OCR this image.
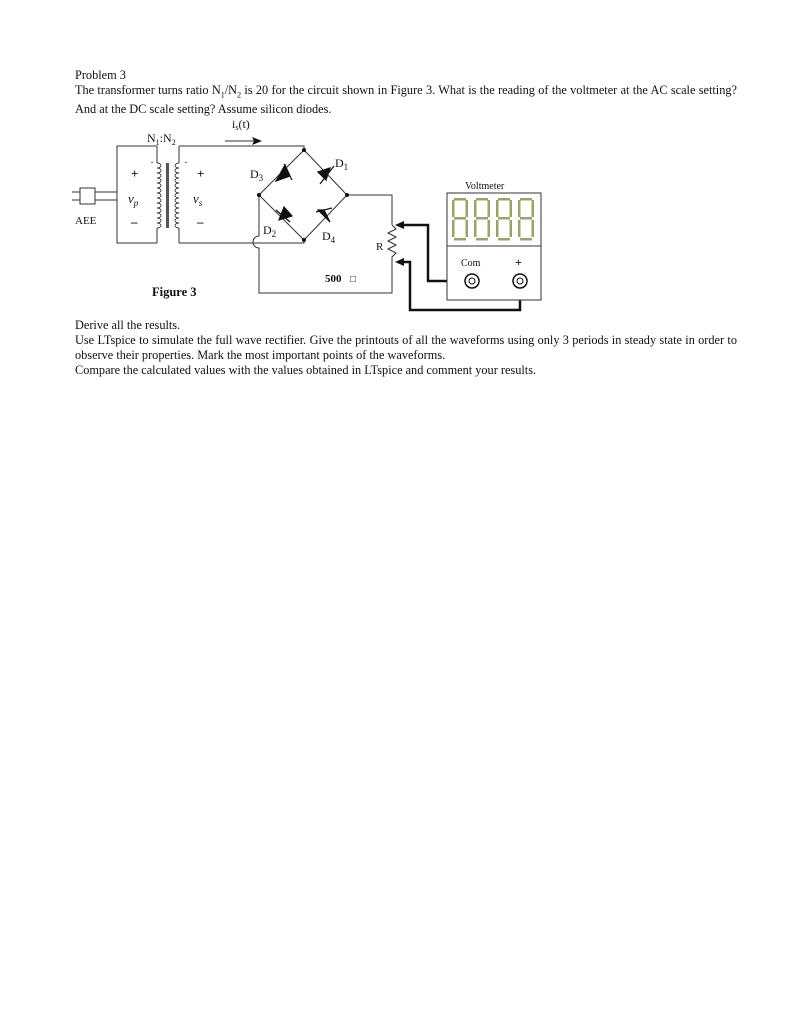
Problem 3
The transformer turns ratio $N_1/N_2$ is 20 for the circuit shown in Figure 3. What is the reading of the voltmeter at the AC scale setting? And at the DC scale setting? Assume silicon diodes.
$N_1:N_2$
is(t)
AEE
+
–
+
–
·	·
$v_p$	$v_s$
$D_3$
$D_1$
$D_2$	$D_4$
R
500 □
Voltmeter
Com	+
Figure 3
Derive all the results.
Use LTspice to simulate the full wave rectifier. Give the printouts of all the waveforms using only 3 periods in steady state in order to observe their properties. Mark the most important points of the waveforms.
Compare the calculated values with the values obtained in LTspice and comment your results.
